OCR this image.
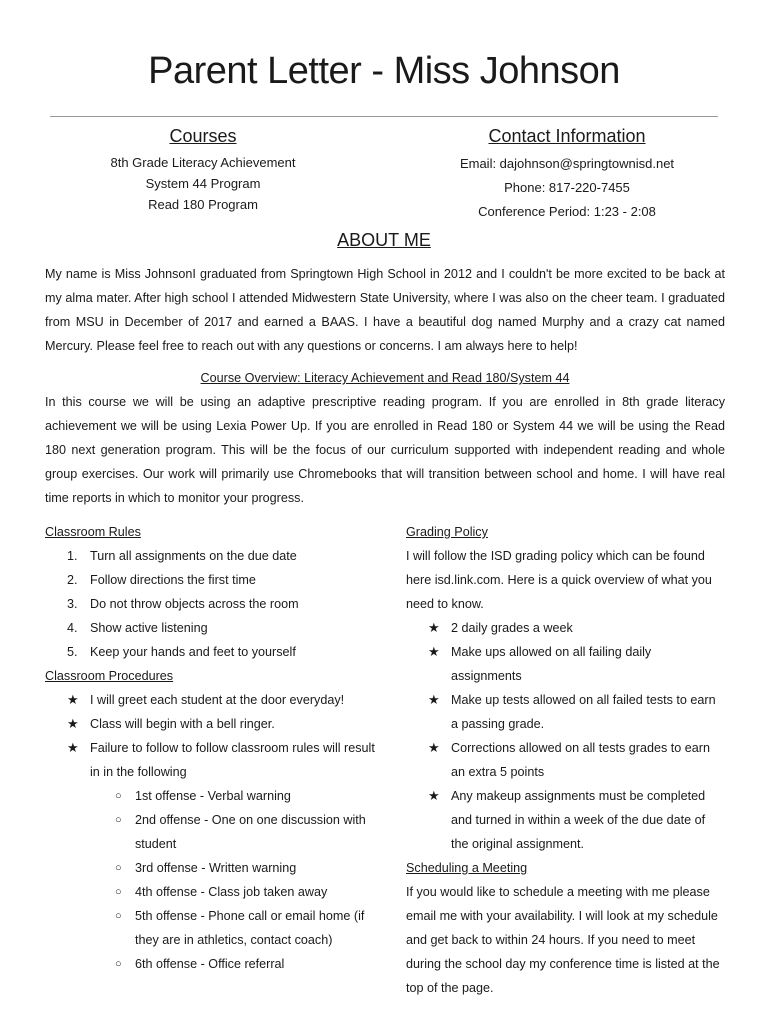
Parent Letter - Miss Johnson
Courses
8th Grade Literacy Achievement
System 44 Program
Read 180 Program
Contact Information
Email: dajohnson@springtownisd.net
Phone: 817-220-7455
Conference Period: 1:23 - 2:08
ABOUT ME
My name is Miss JohnsonI graduated from Springtown High School in 2012 and I couldn't be more excited to be back at my alma mater. After high school I attended Midwestern State University, where I was also on the cheer team. I graduated from MSU in December of 2017 and earned a BAAS. I have a beautiful dog named Murphy and a crazy cat named Mercury. Please feel free to reach out with any questions or concerns. I am always here to help!
Course Overview: Literacy Achievement and Read 180/System 44
In this course we will be using an adaptive prescriptive reading program. If you are enrolled in 8th grade literacy achievement we will be using Lexia Power Up. If you are enrolled in Read 180 or System 44 we will be using the Read 180 next generation program. This will be the focus of our curriculum supported with independent reading and whole group exercises. Our work will primarily use Chromebooks that will transition between school and home. I will have real time reports in which to monitor your progress.
Classroom Rules
1. Turn all assignments on the due date
2. Follow directions the first time
3. Do not throw objects across the room
4. Show active listening
5. Keep your hands and feet to yourself
Classroom Procedures
★ I will greet each student at the door everyday!
★ Class will begin with a bell ringer.
★ Failure to follow to follow classroom rules will result in in the following
○ 1st offense - Verbal warning
○ 2nd offense - One on one discussion with student
○ 3rd offense - Written warning
○ 4th offense - Class job taken away
○ 5th offense - Phone call or email home (if they are in athletics, contact coach)
○ 6th offense - Office referral
Grading Policy
I will follow the ISD grading policy which can be found here isd.link.com. Here is a quick overview of what you need to know.
★ 2 daily grades a week
★ Make ups allowed on all failing daily assignments
★ Make up tests allowed on all failed tests to earn a passing grade.
★ Corrections allowed on all tests grades to earn an extra 5 points
★ Any makeup assignments must be completed and turned in within a week of the due date of the original assignment.
Scheduling a Meeting
If you would like to schedule a meeting with me please email me with your availability. I will look at my schedule and get back to within 24 hours. If you need to meet during the school day my conference time is listed at the top of the page.
